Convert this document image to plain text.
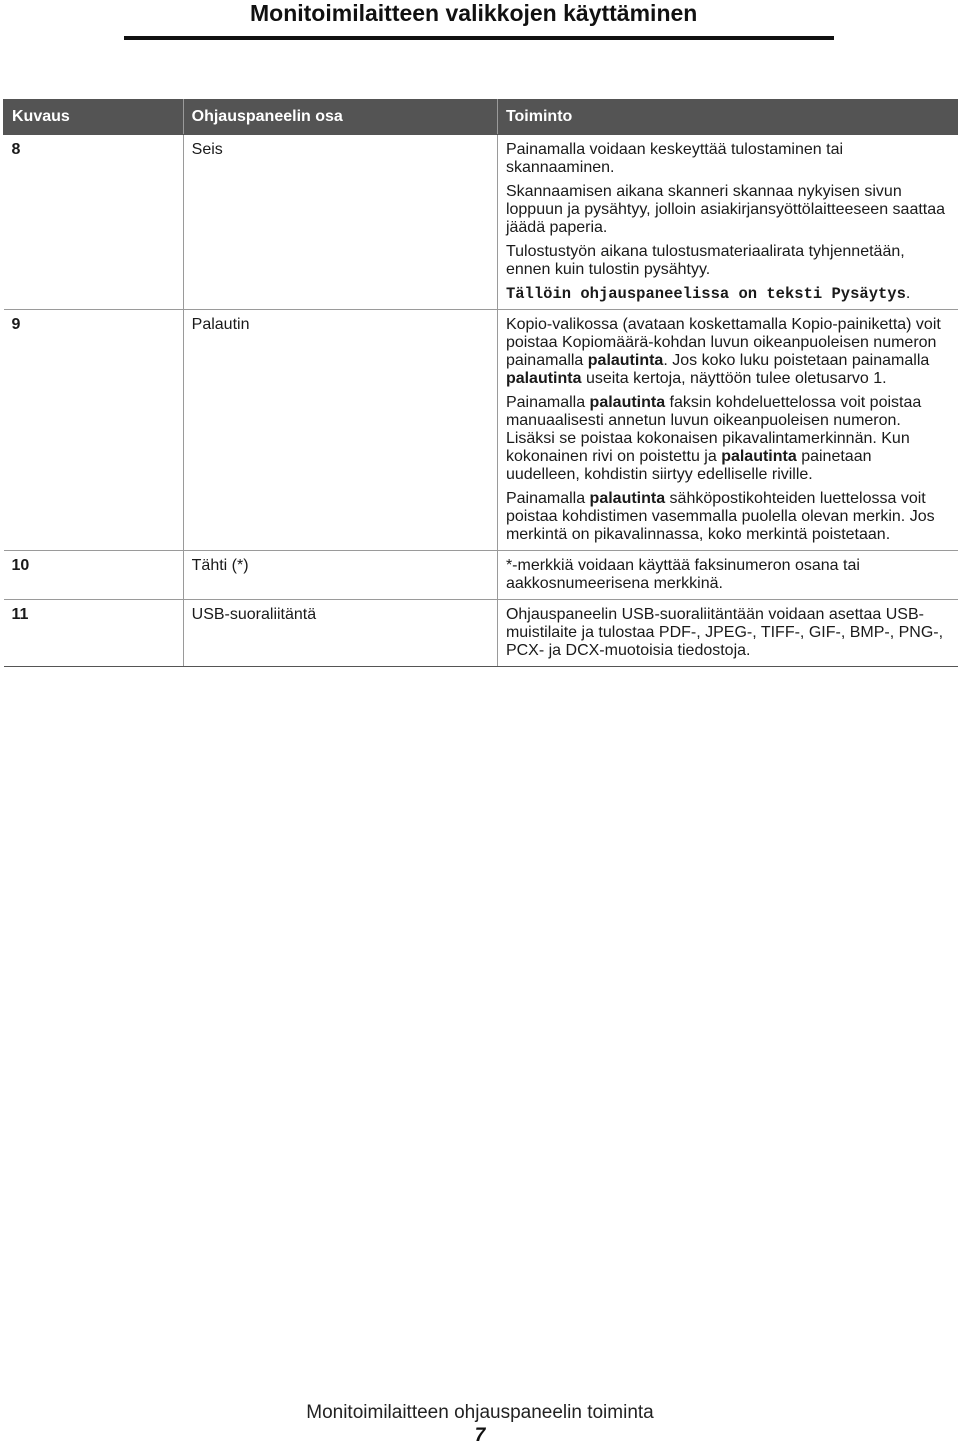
Monitoimilaitteen valikkojen käyttäminen
Kuvaus	Ohjauspaneelin osa	Toiminto
8	Seis	Painamalla voidaan keskeyttää tulostaminen tai skannaaminen.
Skannaamisen aikana skanneri skannaa nykyisen sivun loppuun ja pysähtyy, jolloin asiakirjansyöttölaitteeseen saattaa jäädä paperia.
Tulostustyön aikana tulostusmateriaalirata tyhjennetään, ennen kuin tulostin pysähtyy.
Tällöin ohjauspaneelissa on teksti Pysäytys.

9	Palautin	Kopio-valikossa (avataan koskettamalla Kopio-painiketta) voit poistaa Kopiomäärä-kohdan luvun oikeanpuoleisen numeron painamalla palautinta. Jos koko luku poistetaan painamalla palautinta useita kertoja, näyttöön tulee oletusarvo 1.
Painamalla palautinta faksin kohdeluettelossa voit poistaa manuaalisesti annetun luvun oikeanpuoleisen numeron. Lisäksi se poistaa kokonaisen pikavalintamerkinnän. Kun kokonainen rivi on poistettu ja palautinta painetaan uudelleen, kohdistin siirtyy edelliselle riville.
Painamalla palautinta sähköpostikohteiden luettelossa voit poistaa kohdistimen vasemmalla puolella olevan merkin. Jos merkintä on pikavalinnassa, koko merkintä poistetaan.

10	Tähti (*)	*-merkkiä voidaan käyttää faksinumeron osana tai aakkosnumeerisena merkkinä.

11	USB-suoraliitäntä	Ohjauspaneelin USB-suoraliitäntään voidaan asettaa USB-muistilaite ja tulostaa PDF-, JPEG-, TIFF-, GIF-, BMP-, PNG-, PCX- ja DCX-muotoisia tiedostoja.
Monitoimilaitteen ohjauspaneelin toiminta
7
